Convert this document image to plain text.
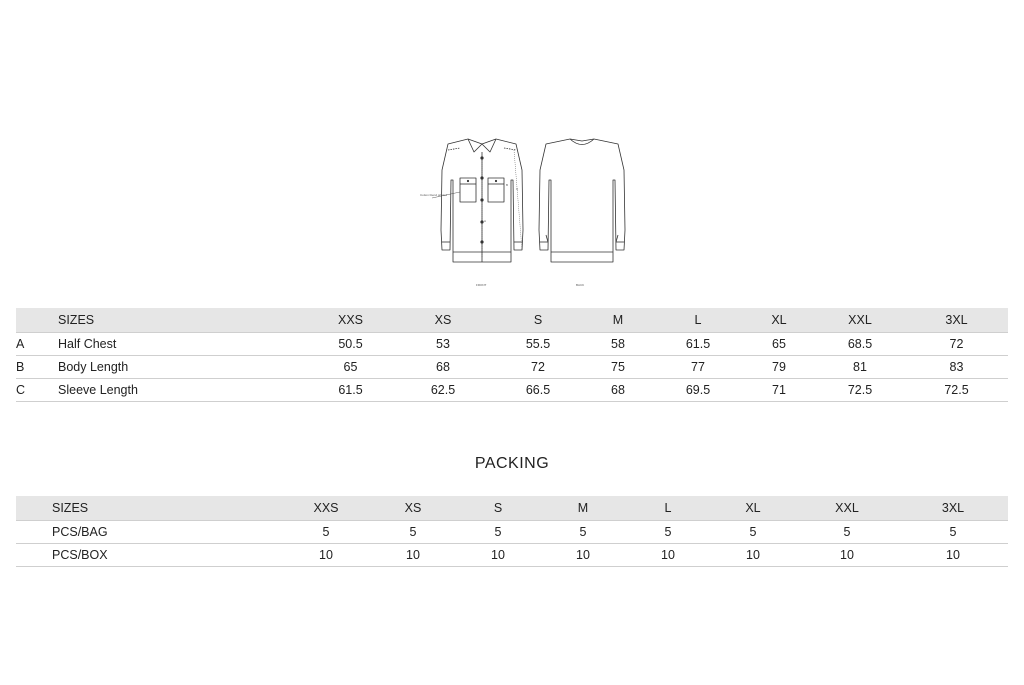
Cotton blend printed
A
B
C
FRONT	BACK
	SIZES	XXS	XS	S	M	L	XL	XXL	3XL
A	Half Chest	50.5	53	55.5	58	61.5	65	68.5	72
B	Body Length	65	68	72	75	77	79	81	83
C	Sleeve Length	61.5	62.5	66.5	68	69.5	71	72.5	72.5
PACKING
	SIZES	XXS	XS	S	M	L	XL	XXL	3XL
	PCS/BAG	5	5	5	5	5	5	5	5
	PCS/BOX	10	10	10	10	10	10	10	10
